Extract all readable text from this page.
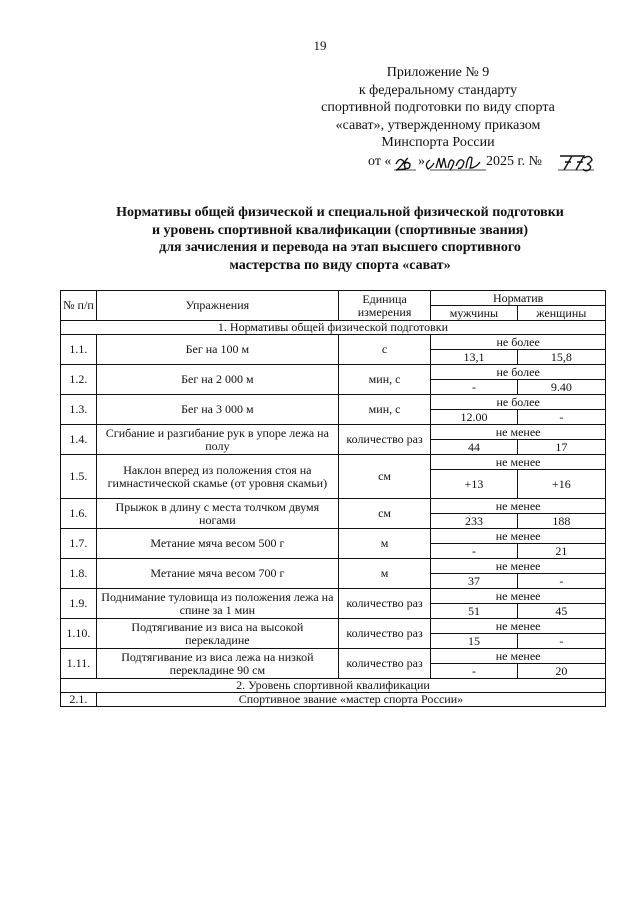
19
Приложение № 9
к федеральному стандарту
спортивной подготовки по виду спорта
«сават», утвержденному приказом
Минспорта России
от « »	2025 г. №
Нормативы общей физической и специальной физической подготовки
и уровень спортивной квалификации (спортивные звания)
для зачисления и перевода на этап высшего спортивного
мастерства по виду спорта «сават»
№ п/п	Упражнения	Единица измерения	Норматив	
			мужчины	женщины
1. Нормативы общей физической подготовки				
1.1.	Бег на 100 м	с	не более	
			13,1	15,8
1.2.	Бег на 2 000 м	мин, с	не более	
			-	9.40
1.3.	Бег на 3 000 м	мин, с	не более	
			12.00	-
1.4.	Сгибание и разгибание рук в упоре лежа на полу	количество раз	не менее	
			44	17
1.5.	Наклон вперед из положения стоя на гимнастической скамье (от уровня скамьи)	см	не менее	
			+13	+16
1.6.	Прыжок в длину с места толчком двумя ногами	см	не менее	
			233	188
1.7.	Метание мяча весом 500 г	м	не менее	
			-	21
1.8.	Метание мяча весом 700 г	м	не менее	
			37	-
1.9.	Поднимание туловища из положения лежа на спине за 1 мин	количество раз	не менее	
			51	45
1.10.	Подтягивание из виса на высокой перекладине	количество раз	не менее	
			15	-
1.11.	Подтягивание из виса лежа на низкой перекладине 90 см	количество раз	не менее	
			-	20
2. Уровень спортивной квалификации				
2.1.	Спортивное звание «мастер спорта России»			
